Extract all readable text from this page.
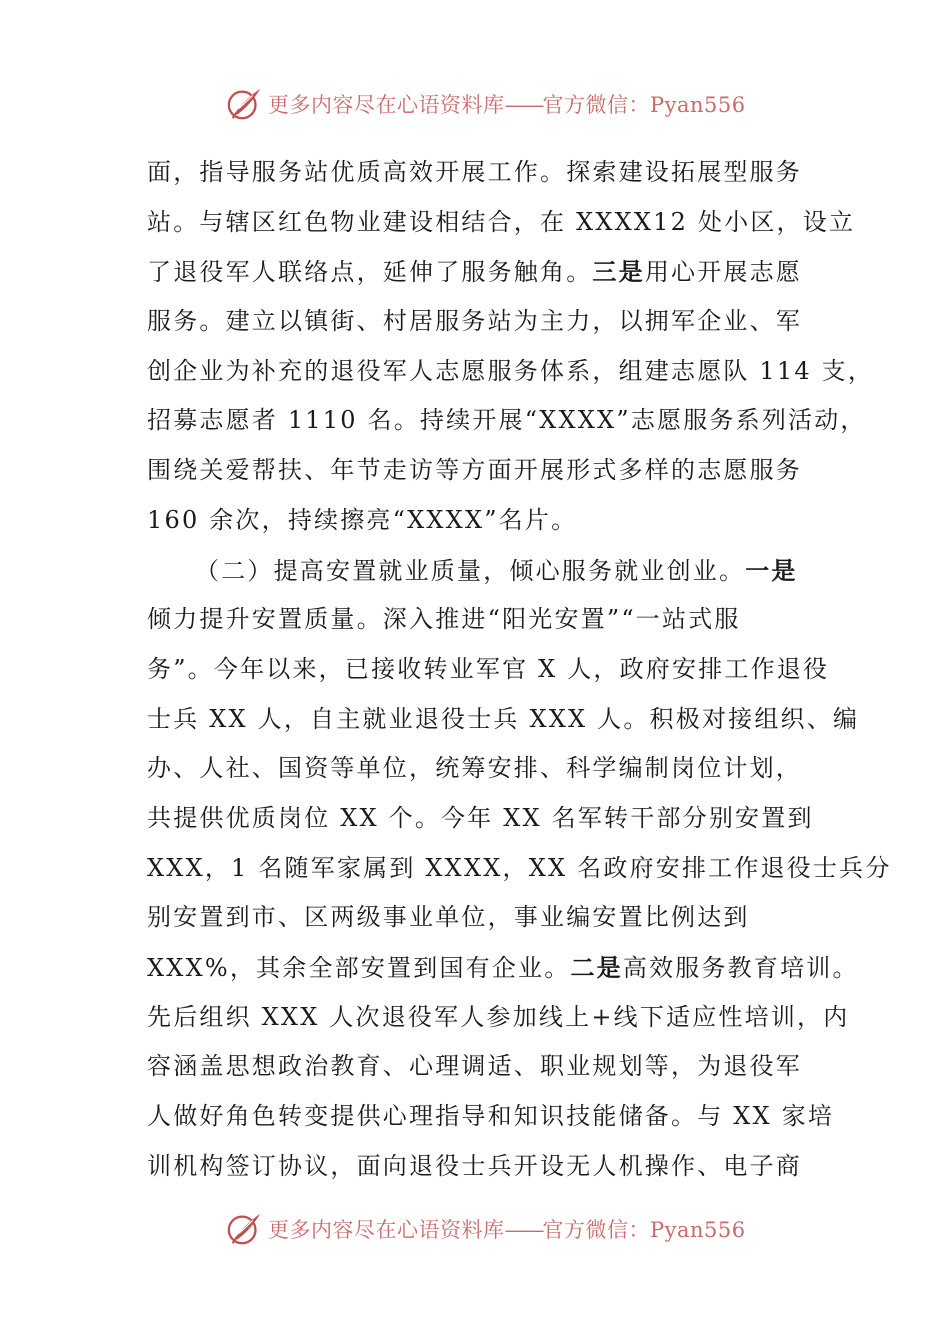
更多内容尽在心语资料库——官方微信：Pyan556
面，指导服务站优质高效开展工作。探索建设拓展型服务
站。与辖区红色物业建设相结合，在 XXXX12 处小区，设立
了退役军人联络点，延伸了服务触角。三是用心开展志愿
服务。建立以镇街、村居服务站为主力，以拥军企业、军
创企业为补充的退役军人志愿服务体系，组建志愿队 114 支，
招募志愿者 1110 名。持续开展“XXXX”志愿服务系列活动，
围绕关爱帮扶、年节走访等方面开展形式多样的志愿服务
160 余次，持续擦亮“XXXX”名片。
（二）提高安置就业质量，倾心服务就业创业。一是
倾力提升安置质量。深入推进“阳光安置”“一站式服
务”。今年以来，已接收转业军官 X 人，政府安排工作退役
士兵 XX 人，自主就业退役士兵 XXX 人。积极对接组织、编
办、人社、国资等单位，统筹安排、科学编制岗位计划，
共提供优质岗位 XX 个。今年 XX 名军转干部分别安置到
XXX，1 名随军家属到 XXXX，XX 名政府安排工作退役士兵分
别安置到市、区两级事业单位，事业编安置比例达到
XXX%，其余全部安置到国有企业。二是高效服务教育培训。
先后组织 XXX 人次退役军人参加线上+线下适应性培训，内
容涵盖思想政治教育、心理调适、职业规划等，为退役军
人做好角色转变提供心理指导和知识技能储备。与 XX 家培
训机构签订协议，面向退役士兵开设无人机操作、电子商
更多内容尽在心语资料库——官方微信：Pyan556
